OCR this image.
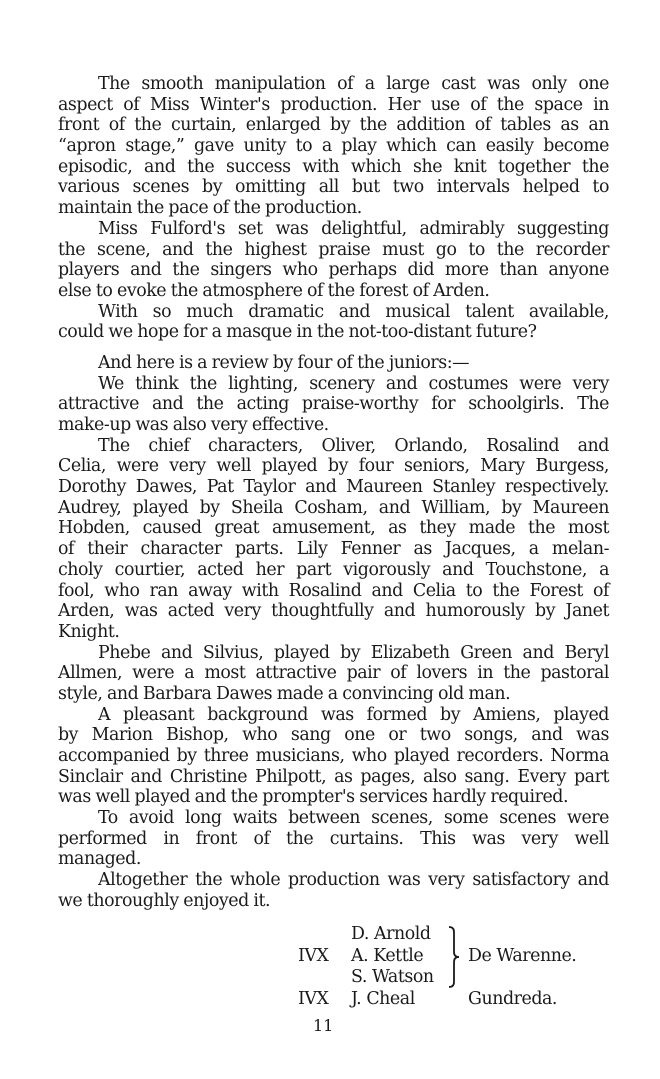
The smooth manipulation of a large cast was only one
aspect of Miss Winter's production. Her use of the space in
front of the curtain, enlarged by the addition of tables as an
“apron stage,” gave unity to a play which can easily become
episodic, and the success with which she knit together the
various scenes by omitting all but two intervals helped to
maintain the pace of the production.
Miss Fulford's set was delightful, admirably suggesting
the scene, and the highest praise must go to the recorder
players and the singers who perhaps did more than anyone
else to evoke the atmosphere of the forest of Arden.
With so much dramatic and musical talent available,
could we hope for a masque in the not-too-distant future?
And here is a review by four of the juniors:—
We think the lighting, scenery and costumes were very
attractive and the acting praise-worthy for schoolgirls. The
make-up was also very effective.
The chief characters, Oliver, Orlando, Rosalind and
Celia, were very well played by four seniors, Mary Burgess,
Dorothy Dawes, Pat Taylor and Maureen Stanley respectively.
Audrey, played by Sheila Cosham, and William, by Maureen
Hobden, caused great amusement, as they made the most
of their character parts. Lily Fenner as Jacques, a melan-
choly courtier, acted her part vigorously and Touchstone, a
fool, who ran away with Rosalind and Celia to the Forest of
Arden, was acted very thoughtfully and humorously by Janet
Knight.
Phebe and Silvius, played by Elizabeth Green and Beryl
Allmen, were a most attractive pair of lovers in the pastoral
style, and Barbara Dawes made a convincing old man.
A pleasant background was formed by Amiens, played
by Marion Bishop, who sang one or two songs, and was
accompanied by three musicians, who played recorders. Norma
Sinclair and Christine Philpott, as pages, also sang. Every part
was well played and the prompter's services hardly required.
To avoid long waits between scenes, some scenes were
performed in front of the curtains. This was very well
managed.
Altogether the whole production was very satisfactory and
we thoroughly enjoyed it.
D. Arnold
IVX A. Kettle	De Warenne.
S. Watson
IVX J. Cheal	Gundreda.
11
